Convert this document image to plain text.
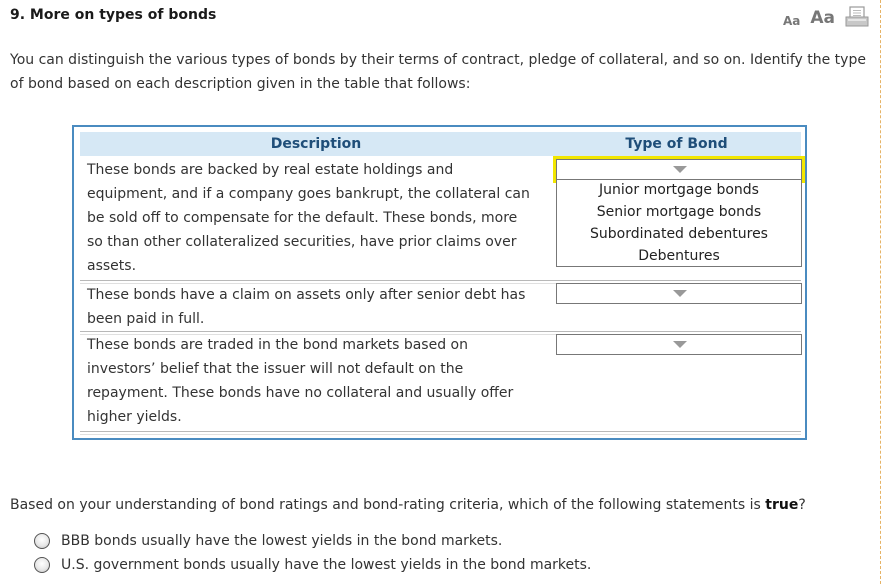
9. More on types of bonds	Aa Aa
You can distinguish the various types of bonds by their terms of contract, pledge of collateral, and so on. Identify the type of bond based on each description given in the table that follows:
Description	Type of Bond
These bonds are backed by real estate holdings and
equipment, and if a company goes bankrupt, the collateral can
be sold off to compensate for the default. These bonds, more
so than other collateralized securities, have prior claims over
assets.
These bonds have a claim on assets only after senior debt has
been paid in full.
These bonds are traded in the bond markets based on
investors’ belief that the issuer will not default on the
repayment. These bonds have no collateral and usually offer
higher yields.
Junior mortgage bonds
Senior mortgage bonds
Subordinated debentures
Debentures
Based on your understanding of bond ratings and bond-rating criteria, which of the following statements is true?
BBB bonds usually have the lowest yields in the bond markets.
U.S. government bonds usually have the lowest yields in the bond markets.
